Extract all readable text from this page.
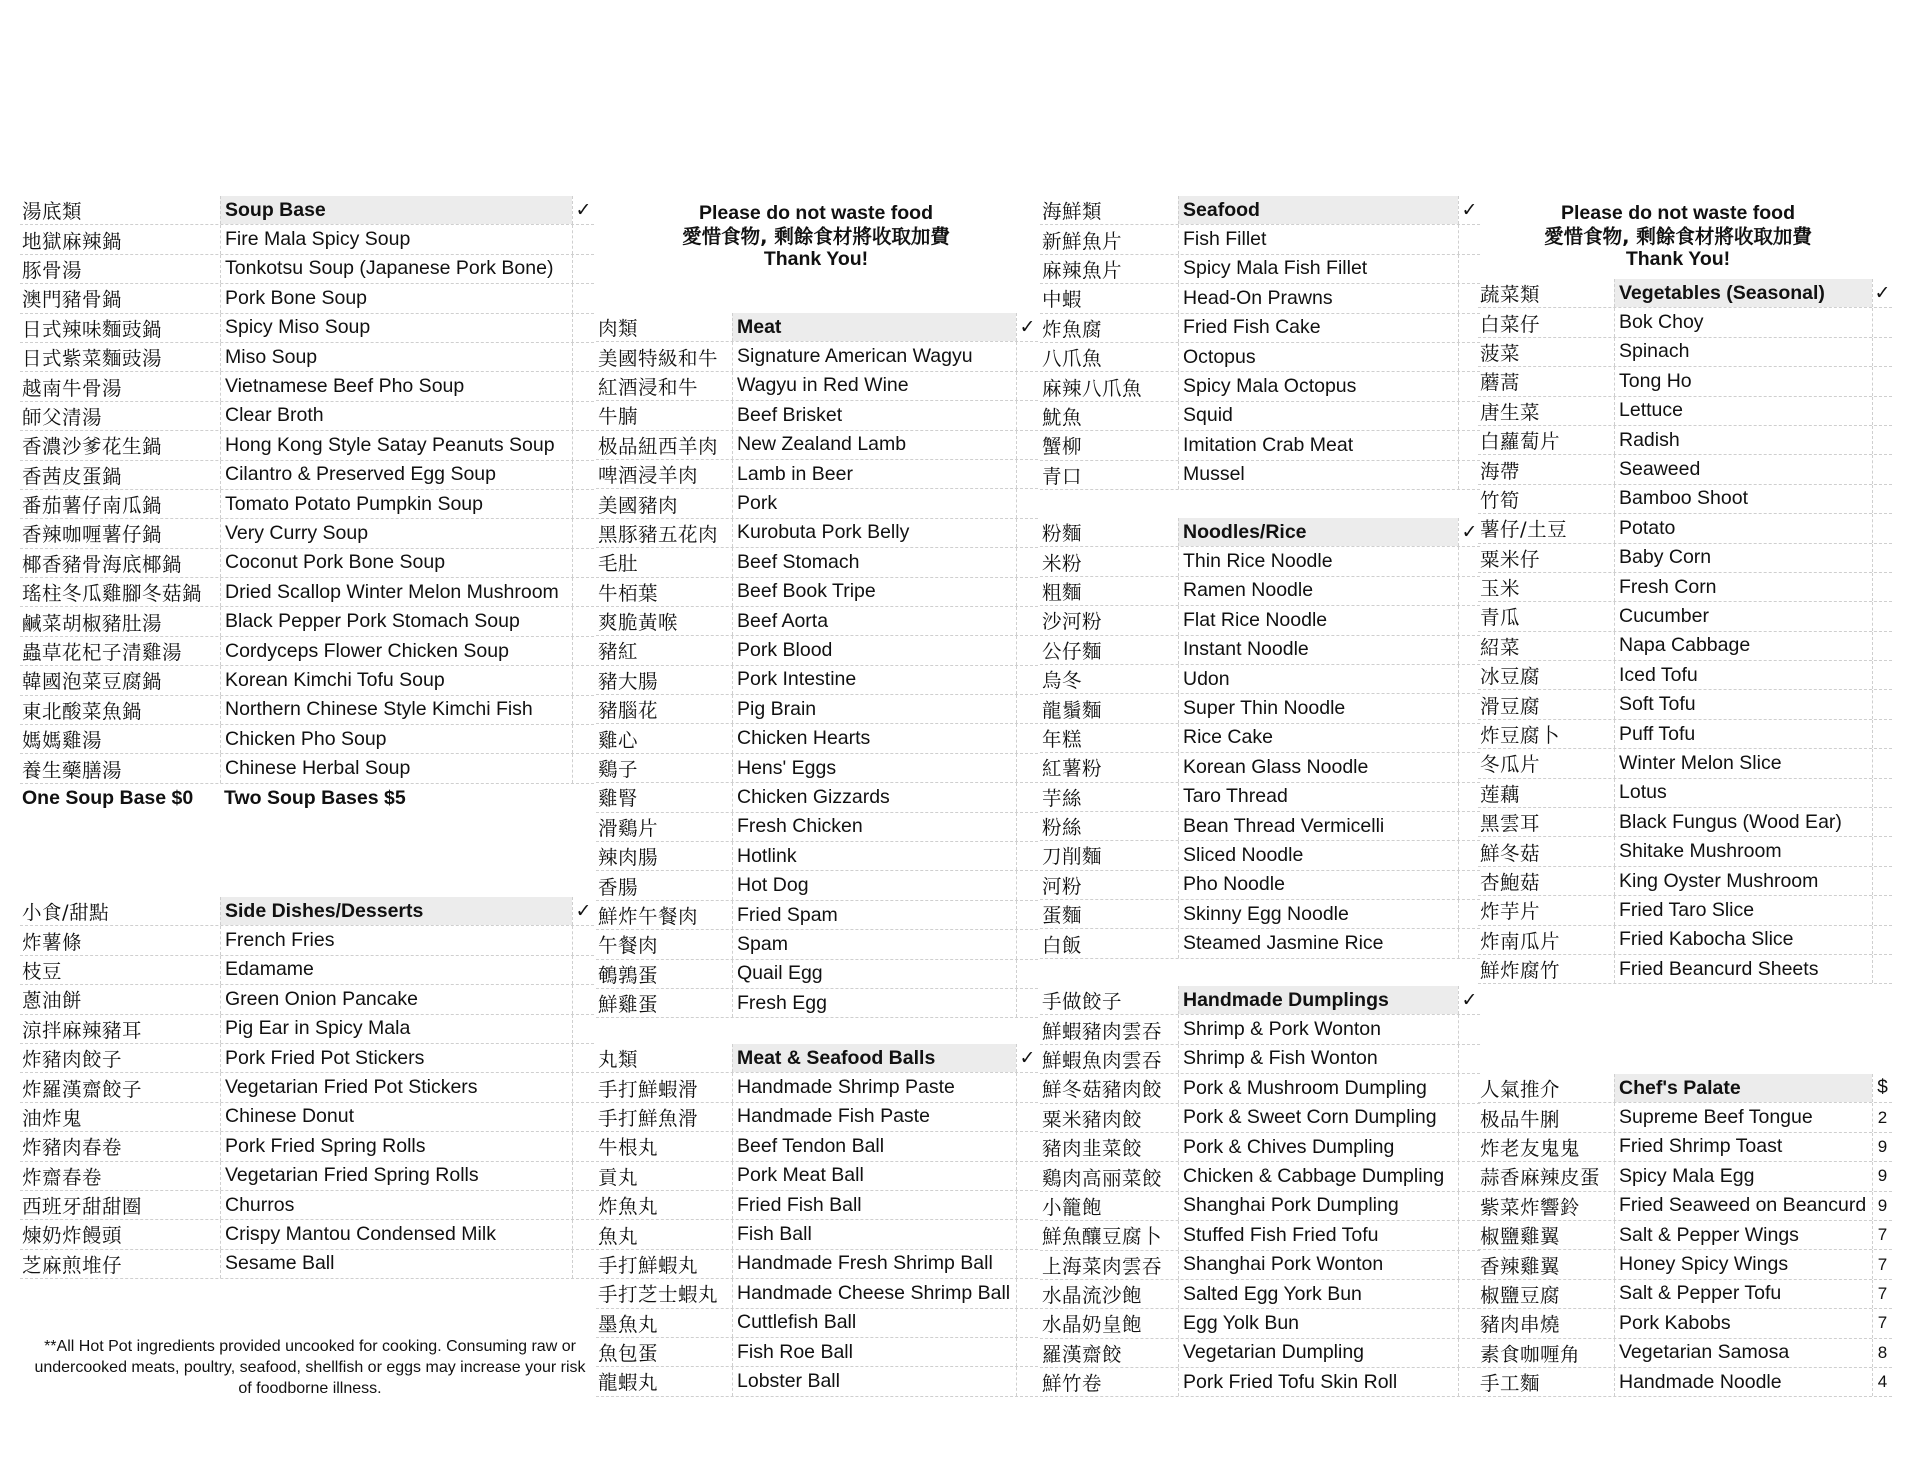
湯底類	Soup Base	✓
地獄麻辣鍋	Fire Mala Spicy Soup
豚骨湯	Tonkotsu Soup (Japanese Pork Bone)
澳門豬骨鍋	Pork Bone Soup
日式辣味麵豉鍋	Spicy Miso Soup
日式紫菜麵豉湯	Miso Soup
越南牛骨湯	Vietnamese Beef Pho Soup
師父清湯	Clear Broth
香濃沙爹花生鍋	Hong Kong Style Satay Peanuts Soup
香茜皮蛋鍋	Cilantro & Preserved Egg Soup
番茄薯仔南瓜鍋	Tomato Potato Pumpkin Soup
香辣咖喱薯仔鍋	Very Curry Soup
椰香豬骨海底椰鍋	Coconut Pork Bone Soup
瑤柱冬瓜雞腳冬菇鍋	Dried Scallop Winter Melon Mushroom
鹹菜胡椒豬肚湯	Black Pepper Pork Stomach Soup
蟲草花杞子清雞湯	Cordyceps Flower Chicken Soup
韓國泡菜豆腐鍋	Korean Kimchi Tofu Soup
東北酸菜魚鍋	Northern Chinese Style Kimchi Fish
媽媽雞湯	Chicken Pho Soup
養生藥膳湯	Chinese Herbal Soup
One Soup Base $0	Two Soup Bases $5
小食/甜點	Side Dishes/Desserts	✓
炸薯條	French Fries
枝豆	Edamame
蔥油餅	Green Onion Pancake
涼拌麻辣豬耳	Pig Ear in Spicy Mala
炸豬肉餃子	Pork Fried Pot Stickers
炸羅漢齋餃子	Vegetarian Fried Pot Stickers
油炸鬼	Chinese Donut
炸豬肉春卷	Pork Fried Spring Rolls
炸齋春卷	Vegetarian Fried Spring Rolls
西班牙甜甜圈	Churros
煉奶炸饅頭	Crispy Mantou Condensed Milk
芝麻煎堆仔	Sesame Ball
**All Hot Pot ingredients provided uncooked for cooking. Consuming raw or undercooked meats, poultry, seafood, shellfish or eggs may increase your risk of foodborne illness.
Please do not waste food
愛惜食物, 剩餘食材將收取加費
Thank You!
肉類	Meat	✓
美國特級和牛 Signature American Wagyu
紅酒浸和牛	Wagyu in Red Wine
牛腩	Beef Brisket
极品紐西羊肉 New Zealand Lamb
啤酒浸羊肉	Lamb in Beer
美國豬肉	Pork
黑豚豬五花肉 Kurobuta Pork Belly
毛肚	Beef Stomach
牛栢葉	Beef Book Tripe
爽脆黃喉	Beef Aorta
豬紅	Pork Blood
豬大腸	Pork Intestine
豬腦花	Pig Brain
雞心	Chicken Hearts
鷄子	Hens' Eggs
雞腎	Chicken Gizzards
滑鷄片	Fresh Chicken
辣肉腸	Hotlink
香腸	Hot Dog
鮮炸午餐肉	Fried Spam
午餐肉	Spam
鵪鶉蛋	Quail Egg
鮮雞蛋	Fresh Egg
丸類	Meat & Seafood Balls	✓
手打鮮蝦滑	Handmade Shrimp Paste
手打鮮魚滑	Handmade Fish Paste
牛根丸	Beef Tendon Ball
貢丸	Pork Meat Ball
炸魚丸	Fried Fish Ball
魚丸	Fish Ball
手打鮮蝦丸	Handmade Fresh Shrimp Ball
手打芝士蝦丸 Handmade Cheese Shrimp Ball
墨魚丸	Cuttlefish Ball
魚包蛋	Fish Roe Ball
龍蝦丸	Lobster Ball
海鮮類	Seafood	✓
新鮮魚片	Fish Fillet
麻辣魚片	Spicy Mala Fish Fillet
中蝦	Head-On Prawns
炸魚腐	Fried Fish Cake
八爪魚	Octopus
麻辣八爪魚	Spicy Mala Octopus
魷魚	Squid
蟹柳	Imitation Crab Meat
青口	Mussel
粉麵	Noodles/Rice	✓
米粉	Thin Rice Noodle
粗麵	Ramen Noodle
沙河粉	Flat Rice Noodle
公仔麵	Instant Noodle
烏冬	Udon
龍鬚麵	Super Thin Noodle
年糕	Rice Cake
紅薯粉	Korean Glass Noodle
芋絲	Taro Thread
粉絲	Bean Thread Vermicelli
刀削麵	Sliced Noodle
河粉	Pho Noodle
蛋麵	Skinny Egg Noodle
白飯	Steamed Jasmine Rice
手做餃子	Handmade Dumplings	✓
鮮蝦豬肉雲吞	Shrimp & Pork Wonton
鮮蝦魚肉雲吞	Shrimp & Fish Wonton
鮮冬菇豬肉餃	Pork & Mushroom Dumpling
粟米豬肉餃	Pork & Sweet Corn Dumpling
豬肉韭菜餃	Pork & Chives Dumpling
鷄肉高丽菜餃	Chicken & Cabbage Dumpling
小籠飽	Shanghai Pork Dumpling
鮮魚釀豆腐卜	Stuffed Fish Fried Tofu
上海菜肉雲吞	Shanghai Pork Wonton
水晶流沙飽	Salted Egg York Bun
水晶奶皇飽	Egg Yolk Bun
羅漢齋餃	Vegetarian Dumpling
鮮竹卷	Pork Fried Tofu Skin Roll
Please do not waste food
愛惜食物, 剩餘食材將收取加費
Thank You!
蔬菜類	Vegetables (Seasonal)	✓
白菜仔	Bok Choy
菠菜	Spinach
蘑蒿	Tong Ho
唐生菜	Lettuce
白蘿蔔片	Radish
海帶	Seaweed
竹筍	Bamboo Shoot
薯仔/土豆	Potato
粟米仔	Baby Corn
玉米	Fresh Corn
青瓜	Cucumber
紹菜	Napa Cabbage
冰豆腐	Iced Tofu
滑豆腐	Soft Tofu
炸豆腐卜	Puff Tofu
冬瓜片	Winter Melon Slice
莲藕	Lotus
黑雲耳	Black Fungus (Wood Ear)
鮮冬菇	Shitake Mushroom
杏鮑菇	King Oyster Mushroom
炸芋片	Fried Taro Slice
炸南瓜片	Fried Kabocha Slice
鮮炸腐竹	Fried Beancurd Sheets
人氣推介	Chef's Palate	$
极品牛脷	Supreme Beef Tongue	2
炸老友鬼鬼	Fried Shrimp Toast	9
蒜香麻辣皮蛋 Spicy Mala Egg	9
紫菜炸響鈴	Fried Seaweed on Beancurd 9
椒鹽雞翼	Salt & Pepper Wings	7
香辣雞翼	Honey Spicy Wings	7
椒鹽豆腐	Salt & Pepper Tofu	7
豬肉串燒	Pork Kabobs	7
素食咖喱角	Vegetarian Samosa	8
手工麵	Handmade Noodle	4
